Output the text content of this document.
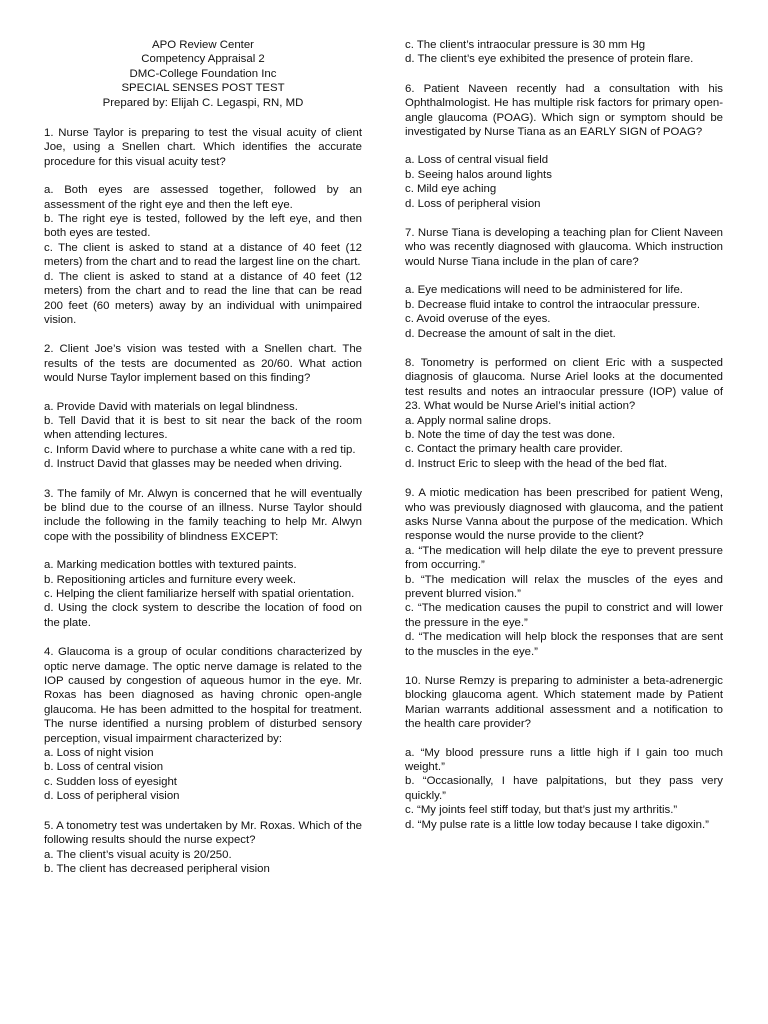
APO Review Center

Competency Appraisal 2

DMC-College Foundation Inc

SPECIAL SENSES POST TEST

Prepared by: Elijah C. Legaspi, RN, MD

1. Nurse Taylor is preparing to test the visual acuity of client Joe, using a Snellen chart. Which identifies the accurate procedure for this visual acuity test?

a. Both eyes are assessed together, followed by an assessment of the right eye and then the left eye.

b. The right eye is tested, followed by the left eye, and then both eyes are tested.

c. The client is asked to stand at a distance of 40 feet (12 meters) from the chart and to read the largest line on the chart.

d. The client is asked to stand at a distance of 40 feet (12 meters) from the chart and to read the line that can be read 200 feet (60 meters) away by an individual with unimpaired vision.

2. Client Joe’s vision was tested with a Snellen chart. The results of the tests are documented as 20/60. What action would Nurse Taylor implement based on this finding?

a. Provide David with materials on legal blindness.

b. Tell David that it is best to sit near the back of the room when attending lectures.

c. Inform David where to purchase a white cane with a red tip.

d. Instruct David that glasses may be needed when driving.

3. The family of Mr. Alwyn is concerned that he will eventually be blind due to the course of an illness. Nurse Taylor should include the following in the family teaching to help Mr. Alwyn cope with the possibility of blindness EXCEPT:

a. Marking medication bottles with textured paints.

b. Repositioning articles and furniture every week.

c. Helping the client familiarize herself with spatial orientation.

d. Using the clock system to describe the location of food on the plate.

4. Glaucoma is a group of ocular conditions characterized by optic nerve damage. The optic nerve damage is related to the IOP caused by congestion of aqueous humor in the eye. Mr. Roxas has been diagnosed as having chronic open-angle glaucoma. He has been admitted to the hospital for treatment. The nurse identified a nursing problem of disturbed sensory perception, visual impairment characterized by:

a. Loss of night vision

b. Loss of central vision

c. Sudden loss of eyesight

d. Loss of peripheral vision

5. A tonometry test was undertaken by Mr. Roxas. Which of the following results should the nurse expect?

a. The client’s visual acuity is 20/250.

b. The client has decreased peripheral vision

c. The client’s intraocular pressure is 30 mm Hg

d. The client’s eye exhibited the presence of protein flare.

6. Patient Naveen recently had a consultation with his Ophthalmologist. He has multiple risk factors for primary open-angle glaucoma (POAG). Which sign or symptom should be investigated by Nurse Tiana as an EARLY SIGN of POAG?

a. Loss of central visual field

b. Seeing halos around lights

c. Mild eye aching

d. Loss of peripheral vision

7. Nurse Tiana is developing a teaching plan for Client Naveen who was recently diagnosed with glaucoma. Which instruction would Nurse Tiana include in the plan of care?

a. Eye medications will need to be administered for life.

b. Decrease fluid intake to control the intraocular pressure.

c. Avoid overuse of the eyes.

d. Decrease the amount of salt in the diet.

8. Tonometry is performed on client Eric with a suspected diagnosis of glaucoma. Nurse Ariel looks at the documented test results and notes an intraocular pressure (IOP) value of 23. What would be Nurse Ariel’s initial action?

a. Apply normal saline drops.

b. Note the time of day the test was done.

c. Contact the primary health care provider.

d. Instruct Eric to sleep with the head of the bed flat.

9. A miotic medication has been prescribed for patient Weng, who was previously diagnosed with glaucoma, and the patient asks Nurse Vanna about the purpose of the medication. Which response would the nurse provide to the client?

a. “The medication will help dilate the eye to prevent pressure from occurring.”

b. “The medication will relax the muscles of the eyes and prevent blurred vision.”

c. “The medication causes the pupil to constrict and will lower the pressure in the eye.”

d. “The medication will help block the responses that are sent to the muscles in the eye.”

10. Nurse Remzy is preparing to administer a beta-adrenergic blocking glaucoma agent. Which statement made by Patient Marian warrants additional assessment and a notification to the health care provider?

a. “My blood pressure runs a little high if I gain too much weight.”

b. “Occasionally, I have palpitations, but they pass very quickly.”

c. “My joints feel stiff today, but that’s just my arthritis.”

d. “My pulse rate is a little low today because I take digoxin.”
